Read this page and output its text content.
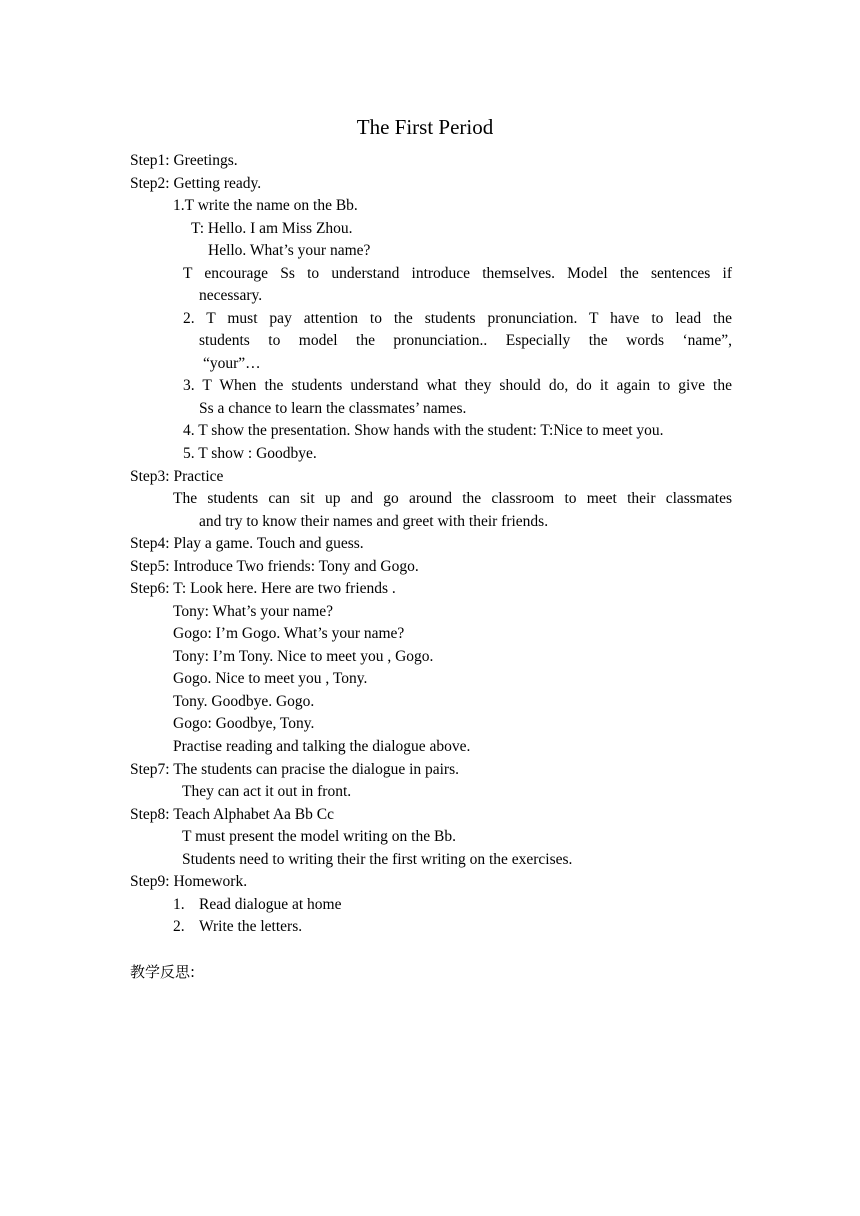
The First Period
Step1: Greetings.
Step2: Getting ready.
1.T write the name on the Bb.
T: Hello. I am Miss Zhou.
Hello. What’s your name?
T encourage Ss to understand introduce themselves. Model the sentences if
necessary.
2. T must pay attention to the students pronunciation. T have to lead the
students to model the pronunciation.. Especially the words ‘name”,
“your”…
3. T When the students understand what they should do, do it again to give the
Ss a chance to learn the classmates’ names.
4. T show the presentation. Show hands with the student: T:Nice to meet you.
5. T show : Goodbye.
Step3: Practice
The students can sit up and go around the classroom to meet their classmates
and try to know their names and greet with their friends.
Step4: Play a game. Touch and guess.
Step5: Introduce Two friends: Tony and Gogo.
Step6: T: Look here. Here are two friends .
Tony: What’s your name?
Gogo: I’m Gogo. What’s your name?
Tony: I’m Tony. Nice to meet you , Gogo.
Gogo. Nice to meet you , Tony.
Tony. Goodbye. Gogo.
Gogo: Goodbye, Tony.
Practise reading and talking the dialogue above.
Step7: The students can pracise the dialogue in pairs.
They can act it out in front.
Step8: Teach Alphabet Aa Bb Cc
T must present the model writing on the Bb.
Students need to writing their the first writing on the exercises.
Step9: Homework.
1. Read dialogue at home
2. Write the letters.
教学反思:
